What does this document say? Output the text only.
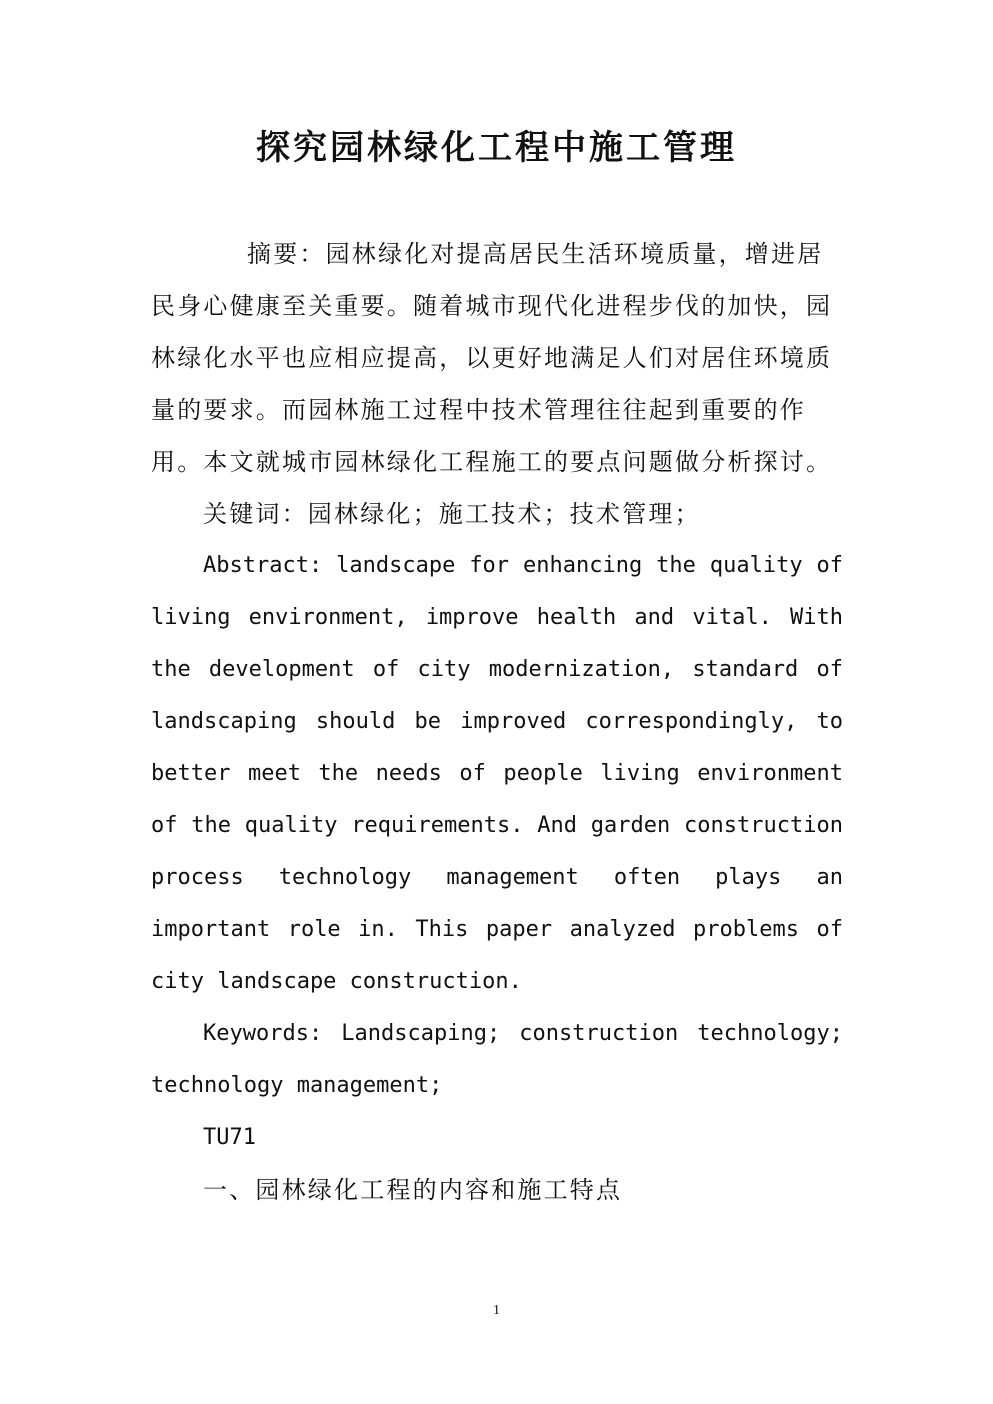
探究园林绿化工程中施工管理

摘要：园林绿化对提高居民生活环境质量，增进居民身心健康至关重要。随着城市现代化进程步伐的加快，园林绿化水平也应相应提高，以更好地满足人们对居住环境质量的要求。而园林施工过程中技术管理往往起到重要的作用。本文就城市园林绿化工程施工的要点问题做分析探讨。

关键词：园林绿化；施工技术；技术管理；

Abstract: landscape for enhancing the quality of living environment, improve health and vital. With the development of city modernization, standard of landscaping should be improved correspondingly, to better meet the needs of people living environment of the quality requirements. And garden construction process technology management often plays an important role in. This paper analyzed problems of city landscape construction.

Keywords: Landscaping; construction technology; technology management;

TU71

一、园林绿化工程的内容和施工特点

1
